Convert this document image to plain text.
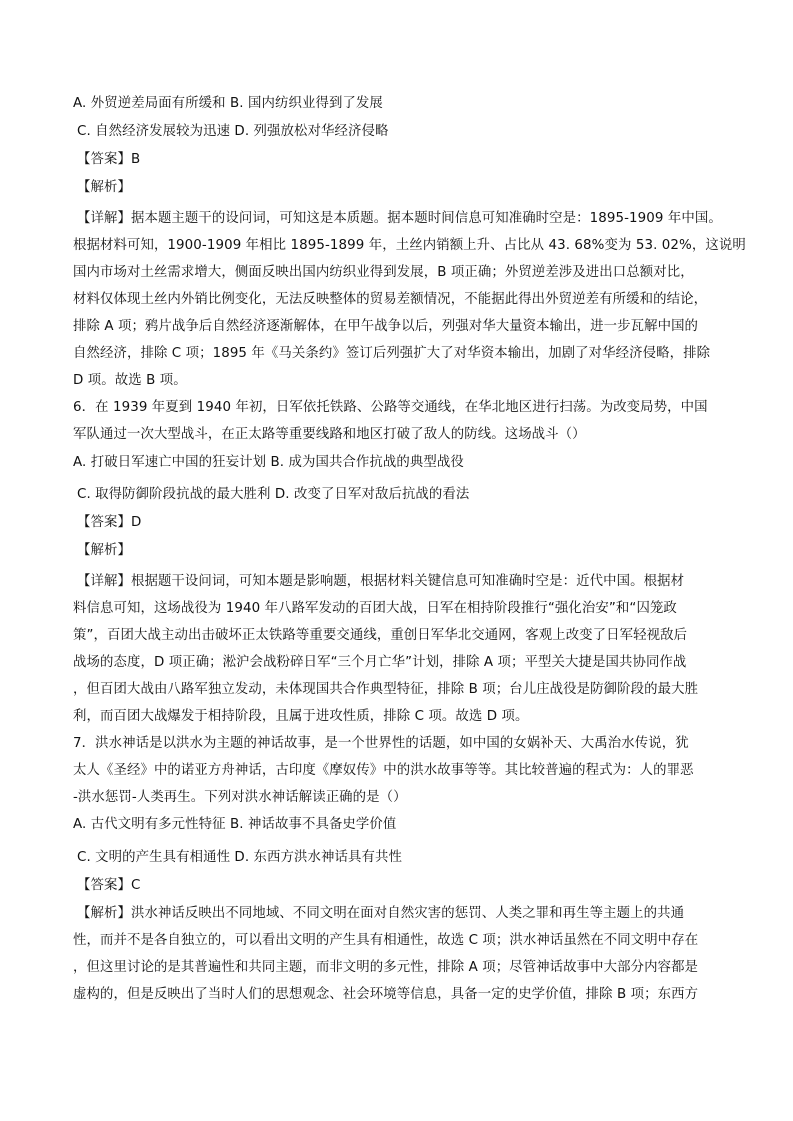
A. 外贸逆差局面有所缓和 B. 国内纺织业得到了发展
C. 自然经济发展较为迅速 D. 列强放松对华经济侵略
【答案】B
【解析】
【详解】据本题主题干的设问词，可知这是本质题。据本题时间信息可知准确时空是：1895-1909 年中国。
根据材料可知，1900-1909 年相比 1895-1899 年，土丝内销额上升、占比从 43. 68%变为 53. 02%，这说明
国内市场对土丝需求增大，侧面反映出国内纺织业得到发展，B 项正确；外贸逆差涉及进出口总额对比，
材料仅体现土丝内外销比例变化，无法反映整体的贸易差额情况，不能据此得出外贸逆差有所缓和的结论，
排除 A 项；鸦片战争后自然经济逐渐解体，在甲午战争以后，列强对华大量资本输出，进一步瓦解中国的
自然经济，排除 C 项；1895 年《马关条约》签订后列强扩大了对华资本输出，加剧了对华经济侵略，排除
D 项。故选 B 项。
6．在 1939 年夏到 1940 年初，日军依托铁路、公路等交通线，在华北地区进行扫荡。为改变局势，中国
军队通过一次大型战斗，在正太路等重要线路和地区打破了敌人的防线。这场战斗（）
A. 打破日军速亡中国的狂妄计划 B. 成为国共合作抗战的典型战役
C. 取得防御阶段抗战的最大胜利 D. 改变了日军对敌后抗战的看法
【答案】D
【解析】
【详解】根据题干设问词，可知本题是影响题，根据材料关键信息可知准确时空是：近代中国。根据材
料信息可知，这场战役为 1940 年八路军发动的百团大战，日军在相持阶段推行“强化治安”和“囚笼政
策”，百团大战主动出击破坏正太铁路等重要交通线，重创日军华北交通网，客观上改变了日军轻视敌后
战场的态度，D 项正确；淞沪会战粉碎日军“三个月亡华”计划，排除 A 项；平型关大捷是国共协同作战
，但百团大战由八路军独立发动，未体现国共合作典型特征，排除 B 项；台儿庄战役是防御阶段的最大胜
利，而百团大战爆发于相持阶段，且属于进攻性质，排除 C 项。故选 D 项。
7．洪水神话是以洪水为主题的神话故事，是一个世界性的话题，如中国的女娲补天、大禹治水传说，犹
太人《圣经》中的诺亚方舟神话，古印度《摩奴传》中的洪水故事等等。其比较普遍的程式为：人的罪恶
-洪水惩罚-人类再生。下列对洪水神话解读正确的是（）
A. 古代文明有多元性特征 B. 神话故事不具备史学价值
C. 文明的产生具有相通性 D. 东西方洪水神话具有共性
【答案】C
【解析】洪水神话反映出不同地域、不同文明在面对自然灾害的惩罚、人类之罪和再生等主题上的共通
性，而并不是各自独立的，可以看出文明的产生具有相通性，故选 C 项；洪水神话虽然在不同文明中存在
，但这里讨论的是其普遍性和共同主题，而非文明的多元性，排除 A 项；尽管神话故事中大部分内容都是
虚构的，但是反映出了当时人们的思想观念、社会环境等信息，具备一定的史学价值，排除 B 项；东西方
